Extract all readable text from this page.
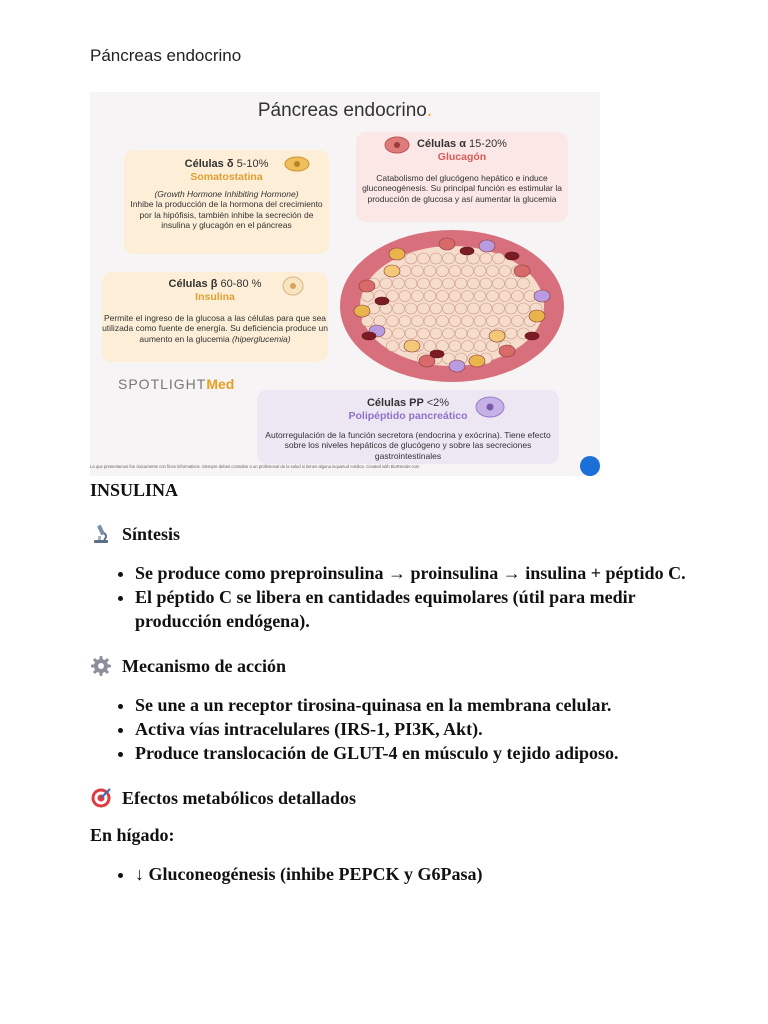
Páncreas endocrino
Páncreas endocrino.
Células δ 5-10%
Somatostatina
(Growth Hormone Inhibiting Hormone)
Inhibe la producción de la hormona del crecimiento por la hipófisis, también inhibe la secreción de insulina y glucagón en el páncreas
Células α 15-20%
Glucagón
Catabolismo del glucógeno hepático e induce gluconeogénesis. Su principal función es estimular la producción de glucosa y así aumentar la glucemia
Células β 60-80 %
Insulina
Permite el ingreso de la glucosa a las células para que sea utilizada como fuente de energía. Su deficiencia produce un aumento en la glucemia (hiperglucemia)
SPOTLIGHTMed
Células PP <2%
Polipéptido pancreático
Autorregulación de la función secretora (endocrina y exócrina). Tiene efecto sobre los niveles hepáticos de glucógeno y sobre las secreciones gastrointestinales
La que presentamos fue únicamente con fines informativos. Siempre debes consultar a un profesional de la salud si tienes alguna inquietud médica. Created with BioRender.com
INSULINA
Síntesis
• Se produce como preproinsulina → proinsulina → insulina + péptido C.
• El péptido C se libera en cantidades equimolares (útil para medir producción endógena).
Mecanismo de acción
• Se une a un receptor tirosina-quinasa en la membrana celular.
• Activa vías intracelulares (IRS-1, PI3K, Akt).
• Produce translocación de GLUT-4 en músculo y tejido adiposo.
Efectos metabólicos detallados
En hígado:
• ↓ Gluconeogénesis (inhibe PEPCK y G6Pasa)
